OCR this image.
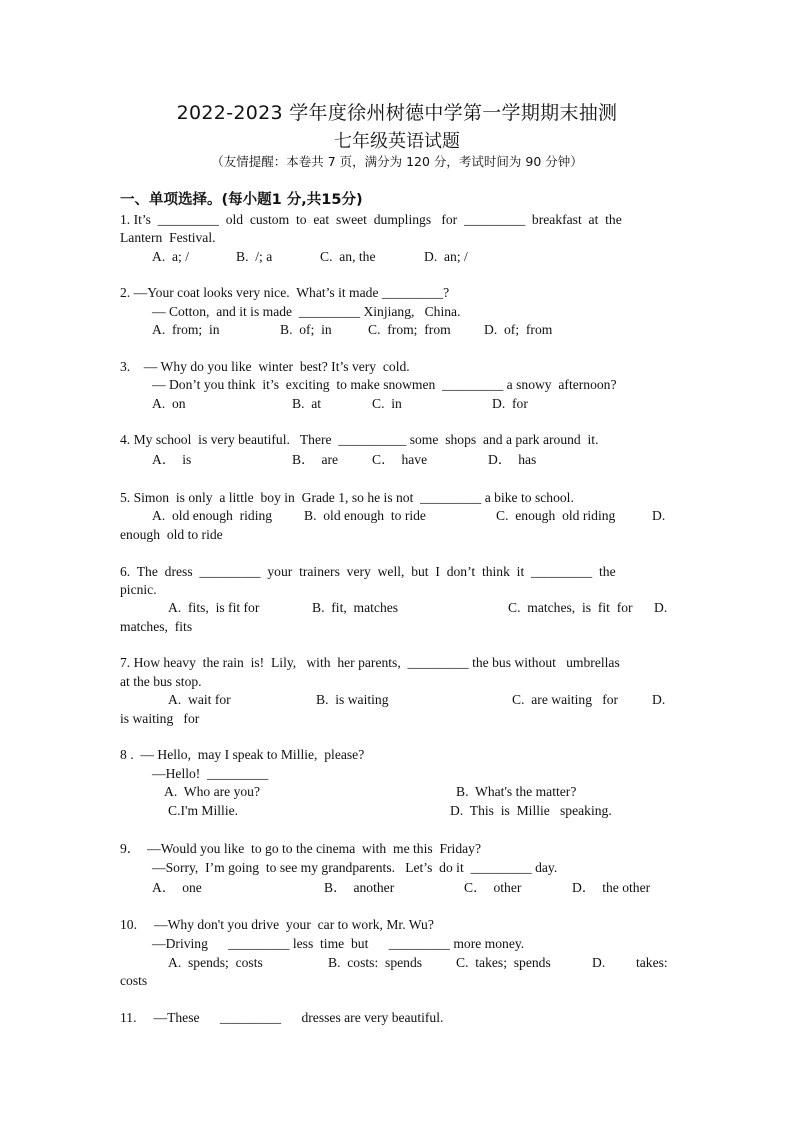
2022-2023 学年度徐州树德中学第一学期期末抽测
七年级英语试题
（友情提醒：本卷共 7 页，满分为 120 分，考试时间为 90 分钟）
一、单项选择。(每小题1 分,共15分)
1. It’s  _________  old  custom  to  eat  sweet  dumplings   for  _________  breakfast  at  the
Lantern  Festival.
A.  a; /	B.  /; a	C.  an, the	D.  an; /
2. —Your coat looks very nice.  What’s it made _________?
— Cotton,  and it is made  _________ Xinjiang,   China.
A.  from;  in	B.  of;  in	C.  from;  from D.  of;  from
3.    — Why do you like  winter  best? It’s very  cold.
— Don’t you think  it’s  exciting  to make snowmen  _________ a snowy  afternoon?
A.  on	B.  at	C.  in	D.  for
4. My school  is very beautiful.   There  __________ some  shops  and a park around  it.
A．  is	B．  are C．  have	D．  has
5. Simon  is only  a little  boy in  Grade 1, so he is not  _________ a bike to school.
A.  old enough  riding B.  old enough  to ride	C.  enough  old riding	D.
enough  old to ride
6.  The  dress  _________  your  trainers  very  well,  but  I  don’t  think  it  _________  the
picnic.
A.  fits,  is fit for	B.  fit,  matches	C.  matches,  is  fit  for D.
matches,  fits
7. How heavy  the rain  is!  Lily,   with  her parents,  _________ the bus without   umbrellas
at the bus stop.
A.  wait for	B.  is waiting	C.  are waiting   for D.
is waiting   for
8 .  — Hello,  may I speak to Millie,  please?
—Hello!  _________
A.  Who are you?	B.  What's the matter?
C.I'm Millie.	D.  This  is  Millie   speaking.
9．  —Would you like  to go to the cinema  with  me this  Friday?
—Sorry,  I’m going  to see my grandparents.   Let’s  do it  _________ day.
A．  one	B．  another	C．  other	D．  the other
10.     —Why don't you drive  your  car to work, Mr. Wu?
—Driving      _________ less  time  but      _________ more money.
A.  spends;  costs	B.  costs:  spends C.  takes;  spends	D. takes:
costs
11.     —These      _________      dresses are very beautiful.
